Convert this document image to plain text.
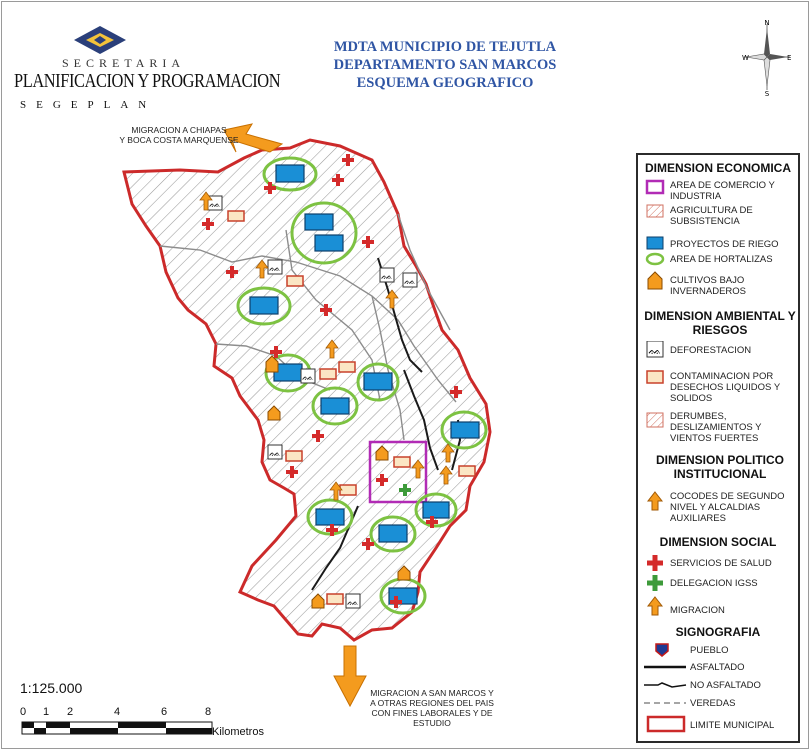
ᨐ
ᨐ
ᨐ ᨐ
ᨐ
ᨐ
ᨐ
N
S
W	E
SECRETARIA
PLANIFICACION Y PROGRAMACION
SEGEPLAN
MDTA MUNICIPIO DE TEJUTLA
DEPARTAMENTO SAN MARCOS
ESQUEMA GEOGRAFICO
MIGRACION A CHIAPAS
Y BOCA COSTA MARQUENSE
MIGRACION A SAN MARCOS Y
A OTRAS REGIONES DEL PAIS
CON FINES LABORALES Y DE
ESTUDIO
1:125.000
0 1 2	4	6	8
Kilometros
DIMENSION ECONOMICA
AREA DE COMERCIO Y INDUSTRIA
AGRICULTURA DE SUBSISTENCIA
PROYECTOS DE RIEGO
AREA DE HORTALIZAS
CULTIVOS BAJO INVERNADEROS
DIMENSION AMBIENTAL Y RIESGOS
ᨐ DEFORESTACION
CONTAMINACION POR DESECHOS LIQUIDOS Y SOLIDOS
DERUMBES, DESLIZAMIENTOS Y VIENTOS FUERTES
DIMENSION POLITICO INSTITUCIONAL
COCODES DE SEGUNDO NIVEL Y ALCALDIAS AUXILIARES
DIMENSION SOCIAL
SERVICIOS DE SALUD
DELEGACION IGSS
MIGRACION
SIGNOGRAFIA
PUEBLO
ASFALTADO
NO ASFALTADO
VEREDAS
LIMITE MUNICIPAL
